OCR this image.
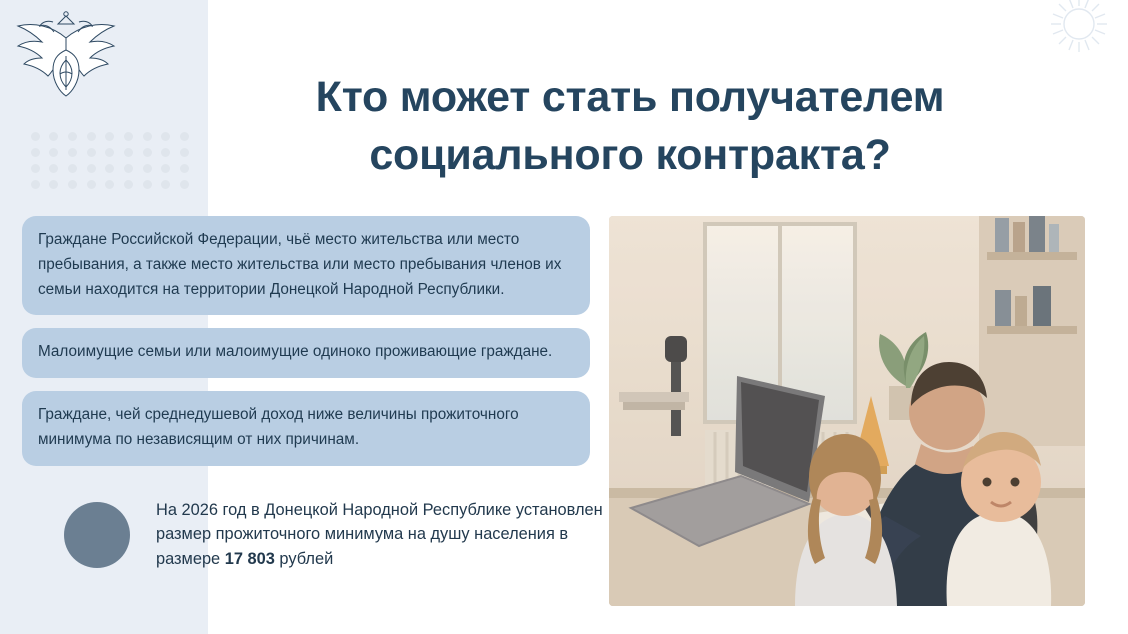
Кто может стать получателем
социального контракта?
Граждане Российской Федерации, чьё место жительства или место пребывания, а также место жительства или место пребывания членов их семьи находится на территории Донецкой Народной Республики.
Малоимущие семьи или малоимущие одиноко проживающие граждане.
Граждане, чей среднедушевой доход ниже величины прожиточного минимума по независящим от них причинам.
На 2026 год в Донецкой Народной Республике установлен размер прожиточного минимума на душу населения в размере 17 803 рублей
